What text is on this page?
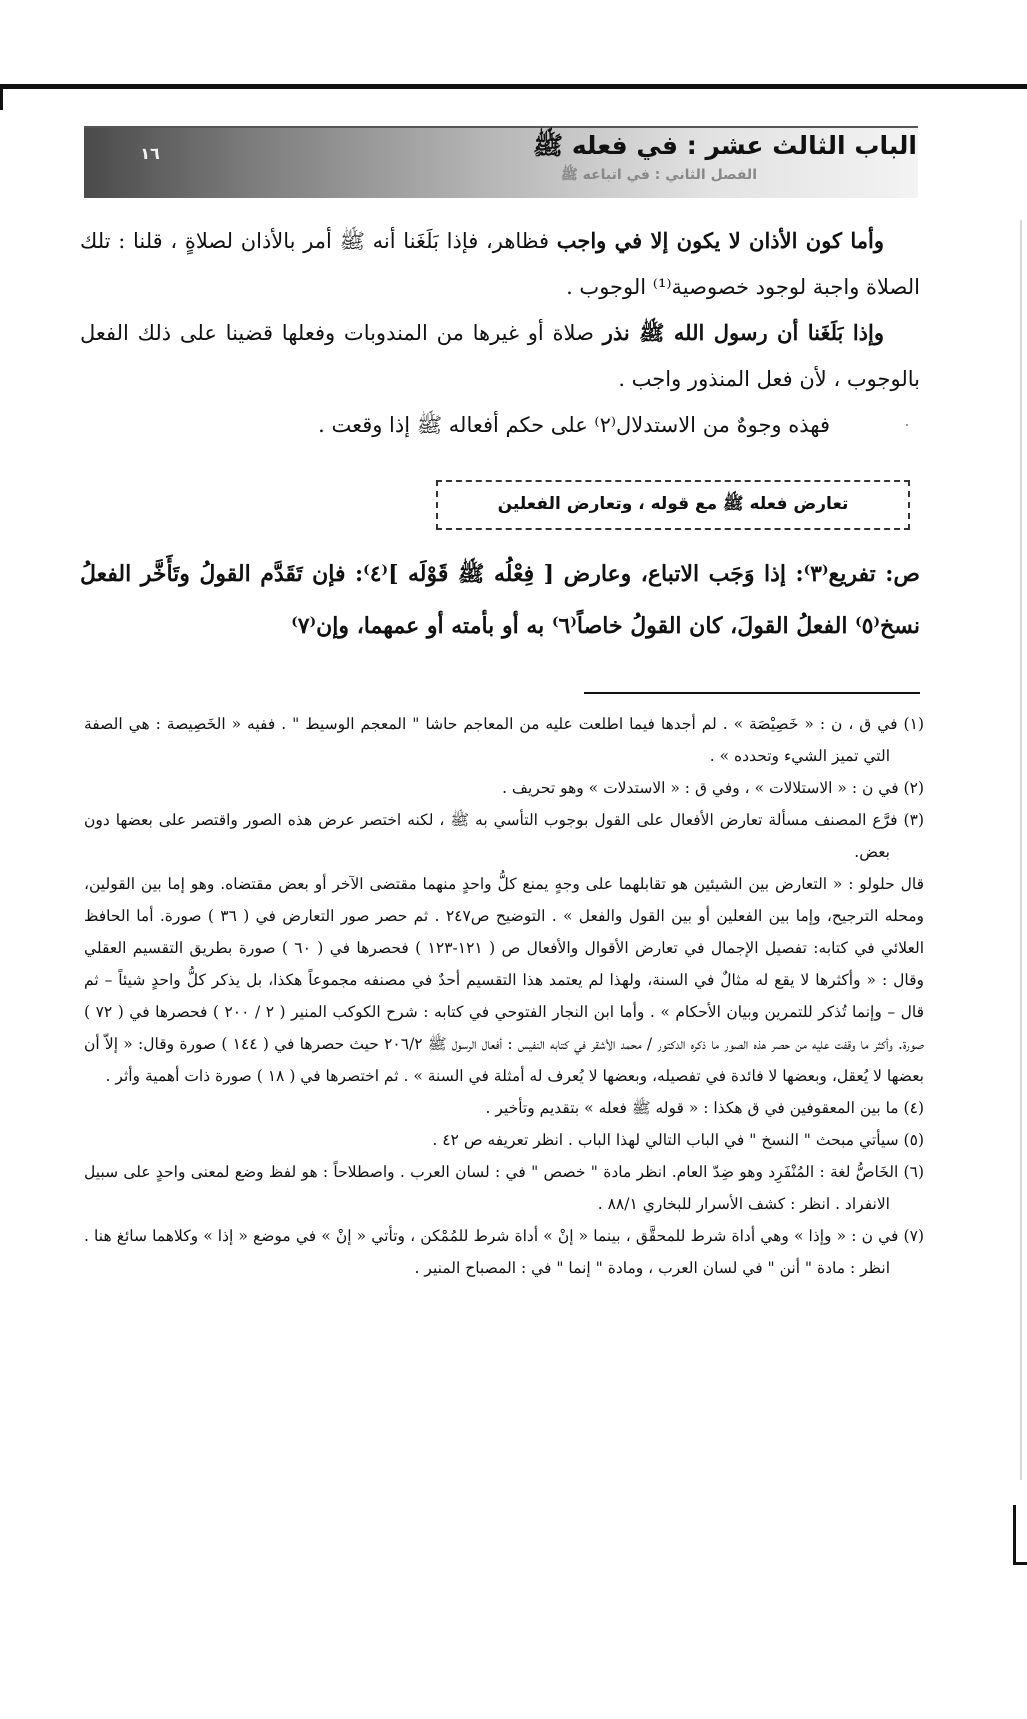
١٦	الباب الثالث عشر : في فعله ﷺ
الفصل الثاني : في اتباعه ﷺ

وأما كون الأذان لا يكون إلا في واجب فظاهر، فإذا بَلَغَنا أنه ﷺ أمر بالأذان لصلاةٍ ، قلنا : تلك الصلاة واجبة لوجود خصوصية⁽¹⁾ الوجوب .

وإذا بَلَغَنا أن رسول الله ﷺ نذر صلاة أو غيرها من المندوبات وفعلها قضينا على ذلك الفعل بالوجوب ، لأن فعل المنذور واجب .

فهذه وجوهٌ من الاستدلال⁽٢⁾ على حكم أفعاله ﷺ إذا وقعت .

تعارض فعله ﷺ مع قوله ، وتعارض الفعلين
ص: تفريع⁽٣⁾: إذا وَجَب الاتباع، وعارض [ فِعْلُه ﷺ قَوْلَه ]⁽٤⁾: فإن تَقَدَّم القولُ وتَأَخَّر الفعلُ نسخ⁽٥⁾ الفعلُ القولَ، كان القولُ خاصاً⁽٦⁾ به أو بأمته أو عمهما، وإن⁽٧⁾

(١) في ق ، ن : « خَصِيْصَة » . لم أجدها فيما اطلعت عليه من المعاجم حاشا " المعجم الوسيط " . ففيه « الخَصِيصة : هي الصفة التي تميز الشيء وتحدده » .

(٢) في ن : « الاستلالات » ، وفي ق : « الاستدلات » وهو تحريف .

(٣) فرَّع المصنف مسألة تعارض الأفعال على القول بوجوب التأسي به ﷺ ، لكنه اختصر عرض هذه الصور واقتصر على بعضها دون بعض.

قال حلولو : « التعارض بين الشيئين هو تقابلهما على وجهٍ يمنع كلُّ واحدٍ منهما مقتضى الآخر أو بعض مقتضاه. وهو إما بين القولين، ومحله الترجيح، وإما بين الفعلين أو بين القول والفعل » . التوضيح ص٢٤٧ . ثم حصر صور التعارض في ( ٣٦ ) صورة. أما الحافظ العلائي في كتابه: تفصيل الإجمال في تعارض الأقوال والأفعال ص ( ١٢١-١٢٣ ) فحصرها في ( ٦٠ ) صورة بطريق التقسيم العقلي وقال : « وأكثرها لا يقع له مثالٌ في السنة، ولهذا لم يعتمد هذا التقسيم أحدٌ في مصنفه مجموعاً هكذا، بل يذكر كلُّ واحدٍ شيئاً – ثم قال – وإنما تُذكر للتمرين وبيان الأحكام » . وأما ابن النجار الفتوحي في كتابه : شرح الكوكب المنير ( ٢ / ٢٠٠ ) فحصرها في ( ٧٢ ) صورة. وأكثر ما وقفت عليه من حصر هذه الصور ما ذكره الدكتور / محمد الأشقر في كتابه النفيس : أفعال الرسول ﷺ ٢٠٦/٢ حيث حصرها في ( ١٤٤ ) صورة وقال: « إلاّ أن بعضها لا يُعقل، وبعضها لا فائدة في تفصيله، وبعضها لا يُعرف له أمثلة في السنة » . ثم اختصرها في ( ١٨ ) صورة ذات أهمية وأثر .

(٤) ما بين المعقوفين في ق هكذا : « قوله ﷺ فعله » بتقديم وتأخير .

(٥) سيأتي مبحث " النسخ " في الباب التالي لهذا الباب . انظر تعريفه ص ٤٢ .

(٦) الخَاصُّ لغة : المُنْفَرِد وهو ضِدّ العام. انظر مادة " خصص " في : لسان العرب . واصطلاحاً : هو لفظ وضع لمعنى واحدٍ على سبيل الانفراد . انظر : كشف الأسرار للبخاري ٨٨/١ .

(٧) في ن : « وإذا » وهي أداة شرط للمحقَّق ، بينما « إنْ » أداة شرط للمُمْكن ، وتأتي « إنْ » في موضع « إذا » وكلاهما سائغ هنا . انظر : مادة " أنن " في لسان العرب ، ومادة " إنما " في : المصباح المنير .
